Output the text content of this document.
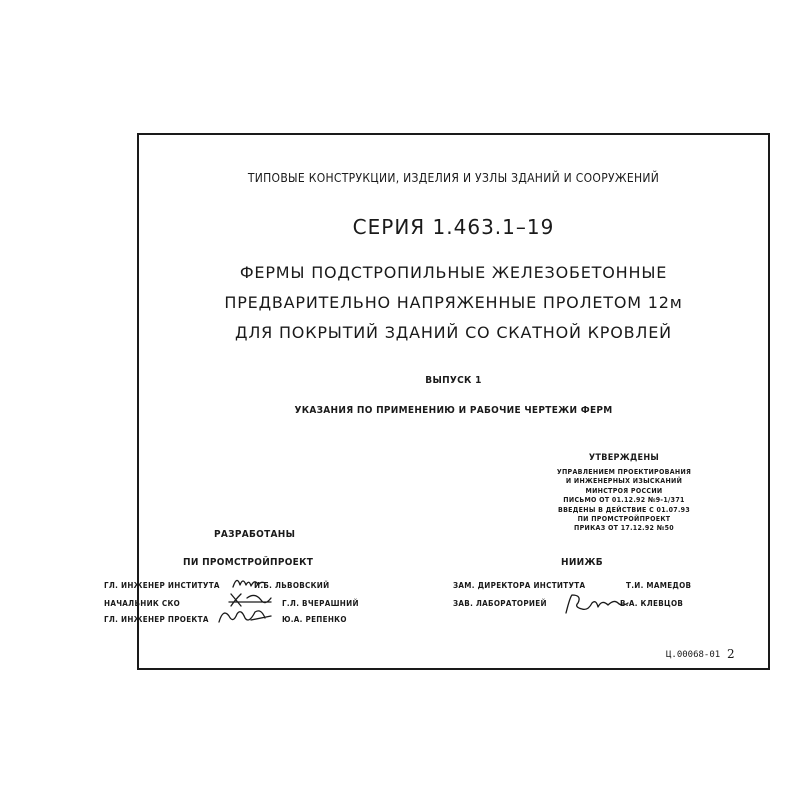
ТИПОВЫЕ КОНСТРУКЦИИ, ИЗДЕЛИЯ И УЗЛЫ ЗДАНИЙ И СООРУЖЕНИЙ
СЕРИЯ 1.463.1–19
ФЕРМЫ ПОДСТРОПИЛЬНЫЕ ЖЕЛЕЗОБЕТОННЫЕ
ПРЕДВАРИТЕЛЬНО НАПРЯЖЕННЫЕ ПРОЛЕТОМ 12м
ДЛЯ ПОКРЫТИЙ ЗДАНИЙ СО СКАТНОЙ КРОВЛЕЙ
ВЫПУСК 1
УКАЗАНИЯ ПО ПРИМЕНЕНИЮ И РАБОЧИЕ ЧЕРТЕЖИ ФЕРМ
УТВЕРЖДЕНЫ
УПРАВЛЕНИЕМ ПРОЕКТИРОВАНИЯ
И ИНЖЕНЕРНЫХ ИЗЫСКАНИЙ
МИНСТРОЯ РОССИИ
ПИСЬМО ОТ 01.12.92 №9-1/371
ВВЕДЕНЫ В ДЕЙСТВИЕ С 01.07.93
ПИ ПРОМСТРОЙПРОЕКТ
ПРИКАЗ ОТ 17.12.92 №50
РАЗРАБОТАНЫ
ПИ ПРОМСТРОЙПРОЕКТ	НИИЖБ
ГЛ. ИНЖЕНЕР ИНСТИТУТА	И.Б. ЛЬВОВСКИЙ
НАЧАЛЬНИК СКО	Г.Л. ВЧЕРАШНИЙ
ГЛ. ИНЖЕНЕР ПРОЕКТА	Ю.А. РЕПЕНКО
ЗАМ. ДИРЕКТОРА ИНСТИТУТА	Т.И. МАМЕДОВ
ЗАВ. ЛАБОРАТОРИЕЙ	В.А. КЛЕВЦОВ
Ц.00068-01 2
